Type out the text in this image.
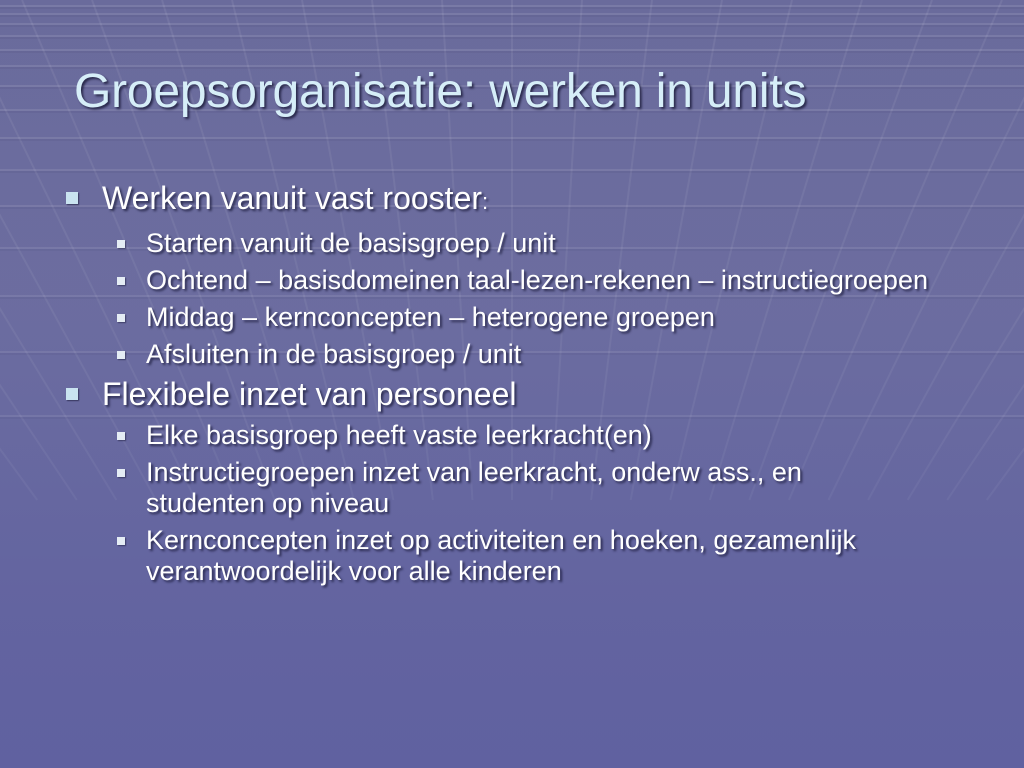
Groepsorganisatie: werken in units
Werken vanuit vast rooster:
Starten vanuit de basisgroep / unit
Ochtend – basisdomeinen taal-lezen-rekenen – instructiegroepen
Middag – kernconcepten – heterogene groepen
Afsluiten in de basisgroep / unit
Flexibele inzet van personeel
Elke basisgroep heeft vaste leerkracht(en)
Instructiegroepen inzet van leerkracht, onderw ass., en studenten op niveau
Kernconcepten inzet op activiteiten en hoeken, gezamenlijk verantwoordelijk voor alle kinderen
